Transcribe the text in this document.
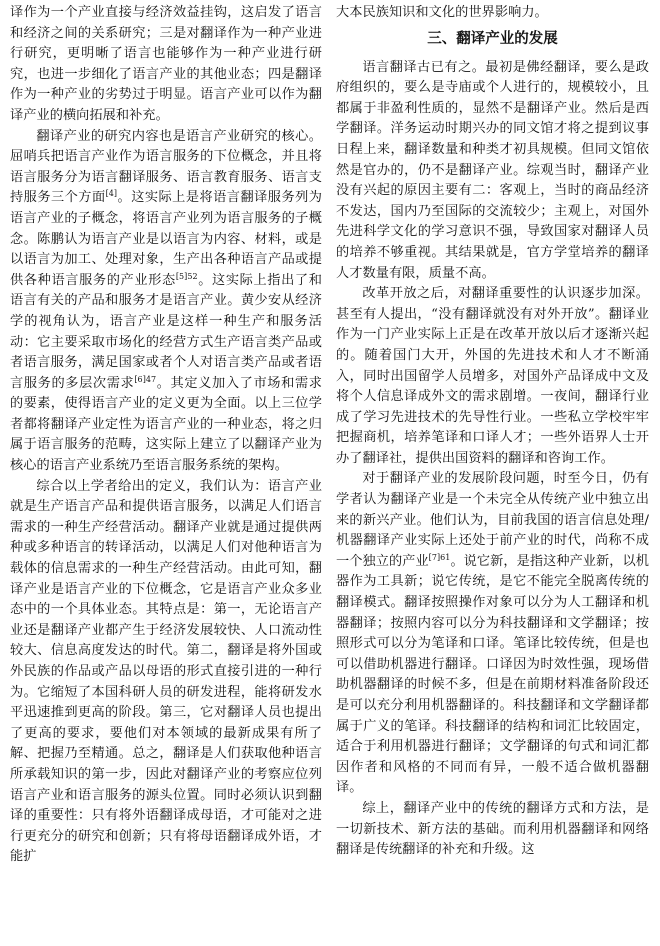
译作为一个产业直接与经济效益挂钩，这启发了语言和经济之间的关系研究；三是对翻译作为一种产业进行研究，更明晰了语言也能够作为一种产业进行研究，也进一步细化了语言产业的其他业态；四是翻译作为一种产业的劣势过于明显。语言产业可以作为翻译产业的横向拓展和补充。

翻译产业的研究内容也是语言产业研究的核心。屈哨兵把语言产业作为语言服务的下位概念，并且将语言服务分为语言翻译服务、语言教育服务、语言支持服务三个方面[4]。这实际上是将语言翻译服务列为语言产业的子概念，将语言产业列为语言服务的子概念。陈鹏认为语言产业是以语言为内容、材料，或是以语言为加工、处理对象，生产出各种语言产品或提供各种语言服务的产业形态$^{[5]52}$。这实际上指出了和语言有关的产品和服务才是语言产业。黄少安从经济学的视角认为，语言产业是这样一种生产和服务活动：它主要采取市场化的经营方式生产语言类产品或者语言服务，满足国家或者个人对语言类产品或者语言服务的多层次需求$^{[6]47}$。其定义加入了市场和需求的要素，使得语言产业的定义更为全面。以上三位学者都将翻译产业定性为语言产业的一种业态，将之归属于语言服务的范畴，这实际上建立了以翻译产业为核心的语言产业系统乃至语言服务系统的架构。

综合以上学者给出的定义，我们认为：语言产业就是生产语言产品和提供语言服务，以满足人们语言需求的一种生产经营活动。翻译产业就是通过提供两种或多种语言的转译活动，以满足人们对他种语言为载体的信息需求的一种生产经营活动。由此可知，翻译产业是语言产业的下位概念，它是语言产业众多业态中的一个具体业态。其特点是：第一，无论语言产业还是翻译产业都产生于经济发展较快、人口流动性较大、信息高度发达的时代。第二，翻译是将外国或外民族的作品或产品以母语的形式直接引进的一种行为。它缩短了本国科研人员的研发进程，能将研发水平迅速推到更高的阶段。第三，它对翻译人员也提出了更高的要求，要他们对本领域的最新成果有所了解、把握乃至精通。总之，翻译是人们获取他种语言所承载知识的第一步，因此对翻译产业的考察应位列语言产业和语言服务的源头位置。同时必须认识到翻译的重要性：只有将外语翻译成母语，才可能对之进行更充分的研究和创新；只有将母语翻译成外语，才能扩

大本民族知识和文化的世界影响力。

三、翻译产业的发展

语言翻译古已有之。最初是佛经翻译，要么是政府组织的，要么是寺庙或个人进行的，规模较小，且都属于非盈利性质的，显然不是翻译产业。然后是西学翻译。洋务运动时期兴办的同文馆才将之提到议事日程上来，翻译数量和种类才初具规模。但同文馆依然是官办的，仍不是翻译产业。综观当时，翻译产业没有兴起的原因主要有二：客观上，当时的商品经济不发达，国内乃至国际的交流较少；主观上，对国外先进科学文化的学习意识不强，导致国家对翻译人员的培养不够重视。其结果就是，官方学堂培养的翻译人才数量有限，质量不高。

改革开放之后，对翻译重要性的认识逐步加深。甚至有人提出，“没有翻译就没有对外开放”。翻译业作为一门产业实际上正是在改革开放以后才逐渐兴起的。随着国门大开，外国的先进技术和人才不断涌入，同时出国留学人员增多，对国外产品译成中文及将个人信息译成外文的需求剧增。一夜间，翻译行业成了学习先进技术的先导性行业。一些私立学校牢牢把握商机，培养笔译和口译人才；一些外语界人士开办了翻译社，提供出国资料的翻译和咨询工作。

对于翻译产业的发展阶段问题，时至今日，仍有学者认为翻译产业是一个未完全从传统产业中独立出来的新兴产业。他们认为，目前我国的语言信息处理/机器翻译产业实际上还处于前产业的时代，尚称不成一个独立的产业$^{[7]61}$。说它新，是指这种产业新，以机器作为工具新；说它传统，是它不能完全脱离传统的翻译模式。翻译按照操作对象可以分为人工翻译和机器翻译；按照内容可以分为科技翻译和文学翻译；按照形式可以分为笔译和口译。笔译比较传统，但是也可以借助机器进行翻译。口译因为时效性强，现场借助机器翻译的时候不多，但是在前期材料准备阶段还是可以充分利用机器翻译的。科技翻译和文学翻译都属于广义的笔译。科技翻译的结构和词汇比较固定，适合于利用机器进行翻译；文学翻译的句式和词汇都因作者和风格的不同而有异，一般不适合做机器翻译。

综上，翻译产业中的传统的翻译方式和方法，是一切新技术、新方法的基础。而利用机器翻译和网络翻译是传统翻译的补充和升级。这
